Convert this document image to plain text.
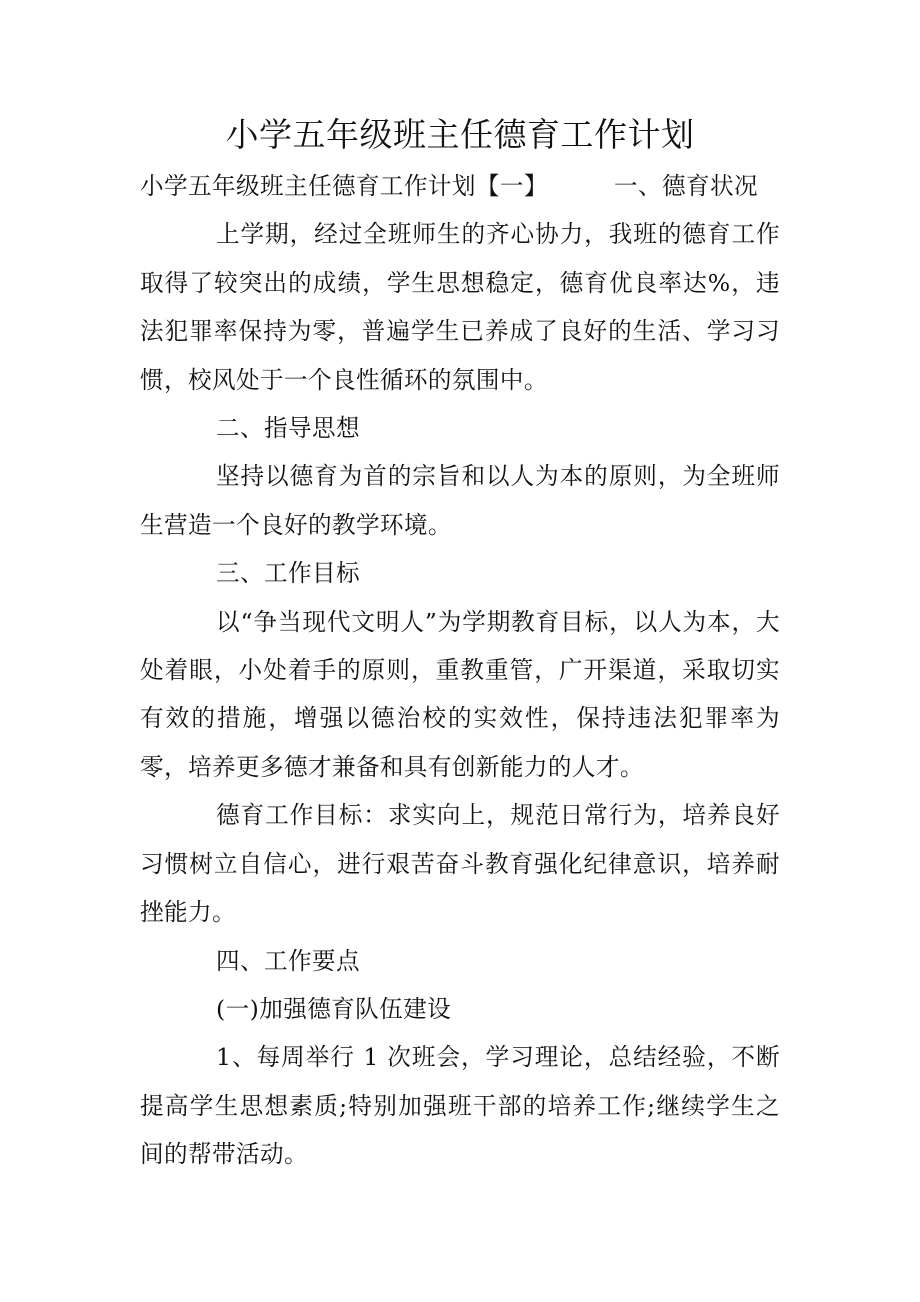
小学五年级班主任德育工作计划
小学五年级班主任德育工作计划【一】	一、德育状况

上学期，经过全班师生的齐心协力，我班的德育工作取得了较突出的成绩，学生思想稳定，德育优良率达%，违法犯罪率保持为零，普遍学生已养成了良好的生活、学习习惯，校风处于一个良性循环的氛围中。

二、指导思想

坚持以德育为首的宗旨和以人为本的原则，为全班师生营造一个良好的教学环境。

三、工作目标

以“争当现代文明人”为学期教育目标，以人为本，大处着眼，小处着手的原则，重教重管，广开渠道，采取切实有效的措施，增强以德治校的实效性，保持违法犯罪率为零，培养更多德才兼备和具有创新能力的人才。

德育工作目标：求实向上，规范日常行为，培养良好习惯树立自信心，进行艰苦奋斗教育强化纪律意识，培养耐挫能力。

四、工作要点

(一)加强德育队伍建设

1、每周举行 1 次班会，学习理论，总结经验，不断提高学生思想素质;特别加强班干部的培养工作;继续学生之间的帮带活动。
